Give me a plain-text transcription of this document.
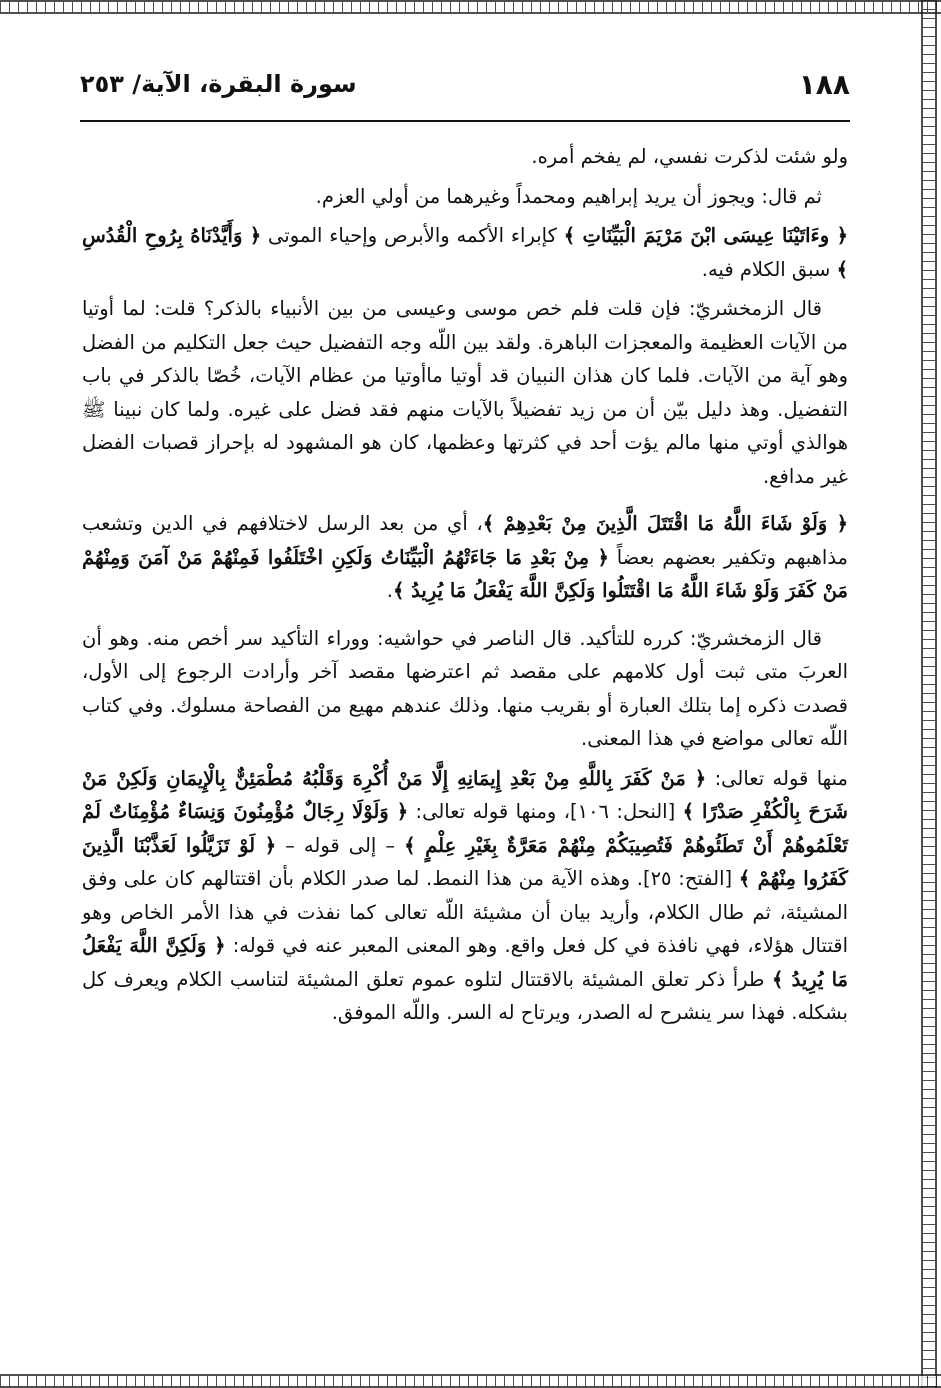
١٨٨
سورة البقرة، الآية/ ٢٥٣

ولو شئت لذكرت نفسي، لم يفخم أمره.

ثم قال: ويجوز أن يريد إبراهيم ومحمداً وغيرهما من أولي العزم.

﴿ وءَاتَيْنَا عِيسَى ابْنَ مَرْيَمَ الْبَيِّنَاتِ ﴾ كإبراء الأكمه والأبرص وإحياء الموتى ﴿ وَأَيَّدْنَاهُ بِرُوحِ الْقُدُسِ ﴾ سبق الكلام فيه.

قال الزمخشريّ: فإن قلت فلم خص موسى وعيسى من بين الأنبياء بالذكر؟ قلت: لما أوتيا من الآيات العظيمة والمعجزات الباهرة. ولقد بين اللّه وجه التفضيل حيث جعل التكليم من الفضل وهو آية من الآيات. فلما كان هذان النبيان قد أوتيا ماأوتيا من عظام الآيات، خُصّا بالذكر في باب التفضيل. وهذ دليل بيّن أن من زيد تفضيلاً بالآيات منهم فقد فضل على غيره. ولما كان نبينا ﷺ هوالذي أوتي منها مالم يؤت أحد في كثرتها وعظمها، كان هو المشهود له بإحراز قصبات الفضل غير مدافع.

﴿ وَلَوْ شَاءَ اللَّهُ مَا اقْتَتَلَ الَّذِينَ مِنْ بَعْدِهِمْ ﴾، أي من بعد الرسل لاختلافهم في الدين وتشعب مذاهبهم وتكفير بعضهم بعضاً ﴿ مِنْ بَعْدِ مَا جَاءَتْهُمُ الْبَيِّنَاتُ وَلَكِنِ اخْتَلَفُوا فَمِنْهُمْ مَنْ آمَنَ وَمِنْهُمْ مَنْ كَفَرَ وَلَوْ شَاءَ اللَّهُ مَا اقْتَتَلُوا وَلَكِنَّ اللَّهَ يَفْعَلُ مَا يُرِيدُ ﴾.

قال الزمخشريّ: كرره للتأكيد. قال الناصر في حواشيه: ووراء التأكيد سر أخص منه. وهو أن العربَ متى ثبت أول كلامهم على مقصد ثم اعترضها مقصد آخر وأرادت الرجوع إلى الأول، قصدت ذكره إما بتلك العبارة أو بقريب منها. وذلك عندهم مهيع من الفصاحة مسلوك. وفي كتاب اللّه تعالى مواضع في هذا المعنى.

منها قوله تعالى: ﴿ مَنْ كَفَرَ بِاللَّهِ مِنْ بَعْدِ إِيمَانِهِ إِلَّا مَنْ أُكْرِهَ وَقَلْبُهُ مُطْمَئِنٌّ بِالْإِيمَانِ وَلَكِنْ مَنْ شَرَحَ بِالْكُفْرِ صَدْرًا ﴾ [النحل: ١٠٦]، ومنها قوله تعالى: ﴿ وَلَوْلَا رِجَالٌ مُؤْمِنُونَ وَنِسَاءٌ مُؤْمِنَاتٌ لَمْ تَعْلَمُوهُمْ أَنْ تَطَئُوهُمْ فَتُصِيبَكُمْ مِنْهُمْ مَعَرَّةٌ بِغَيْرِ عِلْمٍ ﴾ – إلى قوله – ﴿ لَوْ تَزَيَّلُوا لَعَذَّبْنَا الَّذِينَ كَفَرُوا مِنْهُمْ ﴾ [الفتح: ٢٥]. وهذه الآية من هذا النمط. لما صدر الكلام بأن اقتتالهم كان على وفق المشيئة، ثم طال الكلام، وأريد بيان أن مشيئة اللّه تعالى كما نفذت في هذا الأمر الخاص وهو اقتتال هؤلاء، فهي نافذة في كل فعل واقع. وهو المعنى المعبر عنه في قوله: ﴿ وَلَكِنَّ اللَّهَ يَفْعَلُ مَا يُرِيدُ ﴾ طرأ ذكر تعلق المشيئة بالاقتتال لتلوه عموم تعلق المشيئة لتناسب الكلام ويعرف كل بشكله. فهذا سر ينشرح له الصدر، ويرتاح له السر. واللّه الموفق.
